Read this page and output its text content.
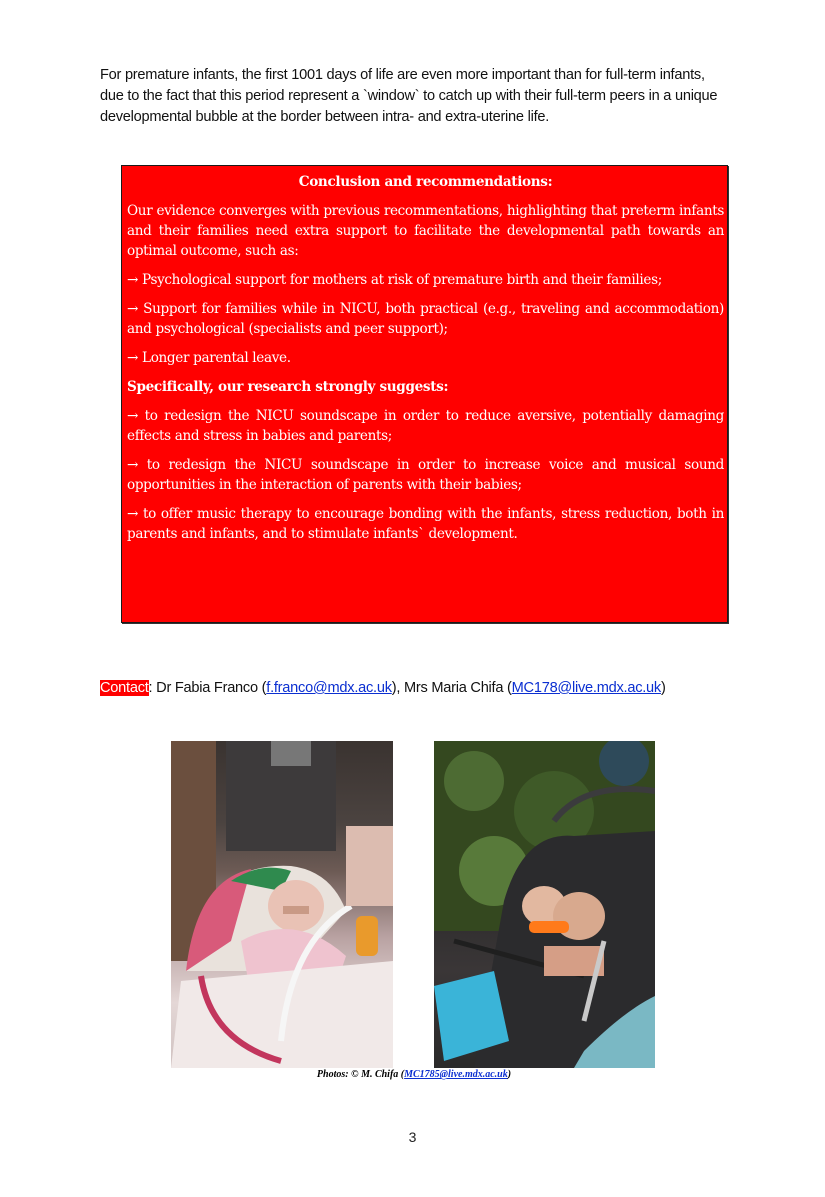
For premature infants, the first 1001 days of life are even more important than for full-term infants, due to the fact that this period represent a `window` to catch up with their full-term peers in a unique developmental bubble at the border between intra- and extra-uterine life.

Conclusion and recommendations:
Our evidence converges with previous recommentations, highlighting that preterm infants and their families need extra support to facilitate the developmental path towards an optimal outcome, such as:
→ Psychological support for mothers at risk of premature birth and their families;
→ Support for families while in NICU, both practical (e.g., traveling and accommodation) and psychological (specialists and peer support);
→ Longer parental leave.
Specifically, our research strongly suggests:
→ to redesign the NICU soundscape in order to reduce aversive, potentially damaging effects and stress in babies and parents;
→ to redesign the NICU soundscape in order to increase voice and musical sound opportunities in the interaction of parents with their babies;
→ to offer music therapy to encourage bonding with the infants, stress reduction, both in parents and infants, and to stimulate infants` development.
Contact: Dr Fabia Franco (f.franco@mdx.ac.uk), Mrs Maria Chifa (MC178@live.mdx.ac.uk)
Photos: © M. Chifa (MC1785@live.mdx.ac.uk)
3
